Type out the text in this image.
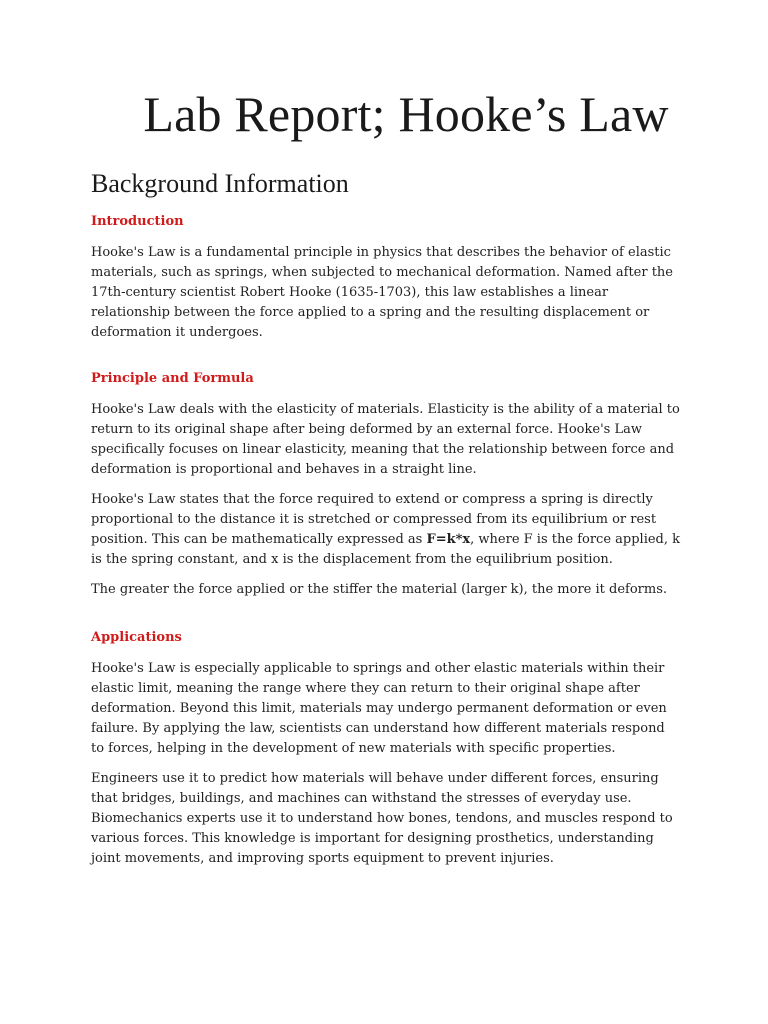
Lab Report; Hooke’s Law
Background Information
Introduction

Hooke's Law is a fundamental principle in physics that describes the behavior of elastic materials, such as springs, when subjected to mechanical deformation. Named after the 17th-century scientist Robert Hooke (1635-1703), this law establishes a linear relationship between the force applied to a spring and the resulting displacement or deformation it undergoes.

Principle and Formula

Hooke's Law deals with the elasticity of materials. Elasticity is the ability of a material to return to its original shape after being deformed by an external force. Hooke's Law specifically focuses on linear elasticity, meaning that the relationship between force and deformation is proportional and behaves in a straight line.

Hooke's Law states that the force required to extend or compress a spring is directly proportional to the distance it is stretched or compressed from its equilibrium or rest position. This can be mathematically expressed as F=k*x, where F is the force applied, k is the spring constant, and x is the displacement from the equilibrium position.

The greater the force applied or the stiffer the material (larger k), the more it deforms.

Applications

Hooke's Law is especially applicable to springs and other elastic materials within their elastic limit, meaning the range where they can return to their original shape after deformation. Beyond this limit, materials may undergo permanent deformation or even failure. By applying the law, scientists can understand how different materials respond to forces, helping in the development of new materials with specific properties.

Engineers use it to predict how materials will behave under different forces, ensuring that bridges, buildings, and machines can withstand the stresses of everyday use. Biomechanics experts use it to understand how bones, tendons, and muscles respond to various forces. This knowledge is important for designing prosthetics, understanding joint movements, and improving sports equipment to prevent injuries.
